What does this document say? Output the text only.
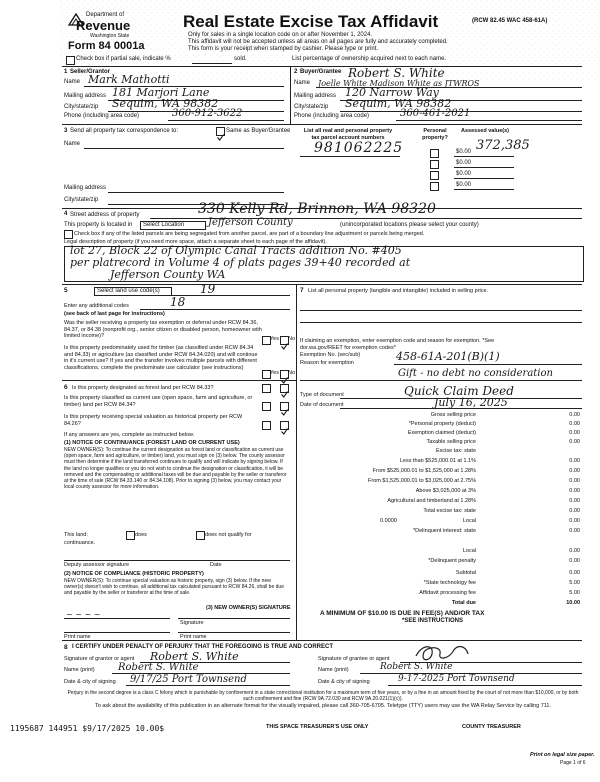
Department of
Revenue
Washington State
Form 84 0001a
Real Estate Excise Tax Affidavit	(RCW 82.45 WAC 458-61A)
Only for sales in a single location code on or after November 1, 2024.
This affidavit will not be accepted unless all areas on all pages are fully and accurately completed.
This form is your receipt when stamped by cashier. Please type or print.
Check box if partial sale, indicate %	sold.	List percentage of ownership acquired next to each name.
1 Seller/Grantor
Name Mark Mathotti
Mailing address 181 Marjori Lane
City/state/zip Sequim, WA 98382
Phone (including area code)	360-912-3622
2 Buyer/Grantee Robert S. White
Name Joelle White Madison White as JTWROS
Mailing address 120 Narrow Way
City/state/zip Sequim, WA 98382
Phone (including area code)	360-461-2021
3 Send all property tax correspondence to:	Same as Buyer/Grantee
Name
Mailing address
City/state/zip
List all real and personal property tax parcel account numbers
Personal property?
Assessed value(s)
981062225	$0.00 372,385
$0.00
$0.00
$0.00
4 Street address of property	330 Kelly Rd, Brinnon, WA 98320
This property is located in	Select Location	Jefferson County	(unincorporated locations please select your county)
Check box if any of the listed parcels are being segregated from another parcel, are part of a boundary line adjustment or parcels being merged.
Legal description of property (if you need more space, attach a separate sheet to each page of the affidavit).
lot 27, Block 22 of Olympic Canal Tracts addition No. #405
per platrecord in Volume 4 of plats pages 39+40 recorded at
Jefferson County WA
5	Select land use code(s)	19
Enter any additional codes	18
(see back of last page for instructions)
Was the seller receiving a property tax exemption or deferral under RCW 84.36, 84.37, or 84.38 (nonprofit org., senior citizen or disabled person, homeowner with limited income)?	Yes No
Is this property predominately used for timber (as classified under RCW 84.34 and 84.33) or agriculture (as classified under RCW 84.34.020) and will continue in it's current use? If yes and the transfer involves multiple parcels with different classifications, complete the predominate use calculator (see instructions)
Yes No
6 Is this property designated as forest land per RCW 84.33?
Is this property classified as current use (open space, farm and agriculture, or timber) land per RCW 84.34?
Is this property receiving special valuation as historical property per RCW 84.26?
If any answers are yes, complete as instructed below.
(1) NOTICE OF CONTINUANCE (FOREST LAND OR CURRENT USE)
NEW OWNER(S): To continue the current designation as forest land or classification as current use (open space, farm and agriculture, or timber) land, you must sign on (3) below. The county assessor must then determine if the land transferred continues to qualify and will indicate by signing below. If the land no longer qualifies or you do not wish to continue the designation or classification, it will be removed and the compensating or additional taxes will be due and payable by the seller or transferor at the time of sale (RCW 84.33.140 or 84.34.108). Prior to signing (3) below, you may contact your local county assessor for more information.
This land:	does	does not qualify for
continuance.
Deputy assessor signature	Date
(2) NOTICE OF COMPLIANCE (HISTORIC PROPERTY)
NEW OWNER(S): To continue special valuation as historic property, sign (3) below. If the new owner(s) doesn't wish to continue, all additional tax calculated pursuant to RCW 84.26, shall be due and payable by the seller or transferor at the time of sale.
(3) NEW OWNER(S) SIGNATURE
~ ~ ~ ~
Signature
Print name	Print name
7 List all personal property (tangible and intangible) included in selling price.
If claiming an exemption, enter exemption code and reason for exemption. *See dor.wa.gov/REET for exemption codes*
Exemption No. (sec/sub)
Reason for exemption	458-61A-201(B)(1)
Gift - no debt no consideration
Type of document	Quick Claim Deed
Date of document	July 16, 2025
Gross selling price	0.00
*Personal property (deduct)	0.00
Exemption claimed (deduct)	0.00
Taxable selling price	0.00
Excise tax: state
Less than $525,000.01 at 1.1%	0.00
From $525,000.01 to $1,525,000 at 1.28%	0.00
From $1,525,000.01 to $3,025,000 at 2.75%	0.00
Above $3,025,000 at 3%	0.00
Agricultural and timberland at 1.28%	0.00
Total excise tax: state	0.00
0.0000	Local	0.00
*Delinquent interest: state	0.00
Local	0.00
*Delinquent penalty	0.00
Subtotal	0.00
*State technology fee	5.00
Affidavit processing fee	5.00
Total due	10.00
A MINIMUM OF $10.00 IS DUE IN FEE(S) AND/OR TAX
*SEE INSTRUCTIONS
8 I CERTIFY UNDER PENALTY OF PERJURY THAT THE FOREGOING IS TRUE AND CORRECT
Robert S. White
Signature of grantor or agent
Robert S. White
Name (print)
9/17/25 Port Townsend
Date & city of signing
Signature of grantee or agent
Name (print)	Robert S. White
Date & city of signing	9-17-2025 Port Townsend
Perjury in the second degree is a class C felony which is punishable by confinement in a state correctional institution for a maximum term of five years, or by a fine in an amount fixed by the court of not more than $10,000, or by both such confinement and fine (RCW 9A.72.030 and RCW 9A.20.021(1)(c)).
To ask about the availability of this publication in an alternate format for the visually impaired, please call 360-705-6705. Teletype (TTY) users may use the WA Relay Service by calling 711.
1195687 144951 $9/17/2025 10.00$	THIS SPACE TREASURER'S USE ONLY	COUNTY TREASURER
Print on legal size paper.
Page 1 of 6
